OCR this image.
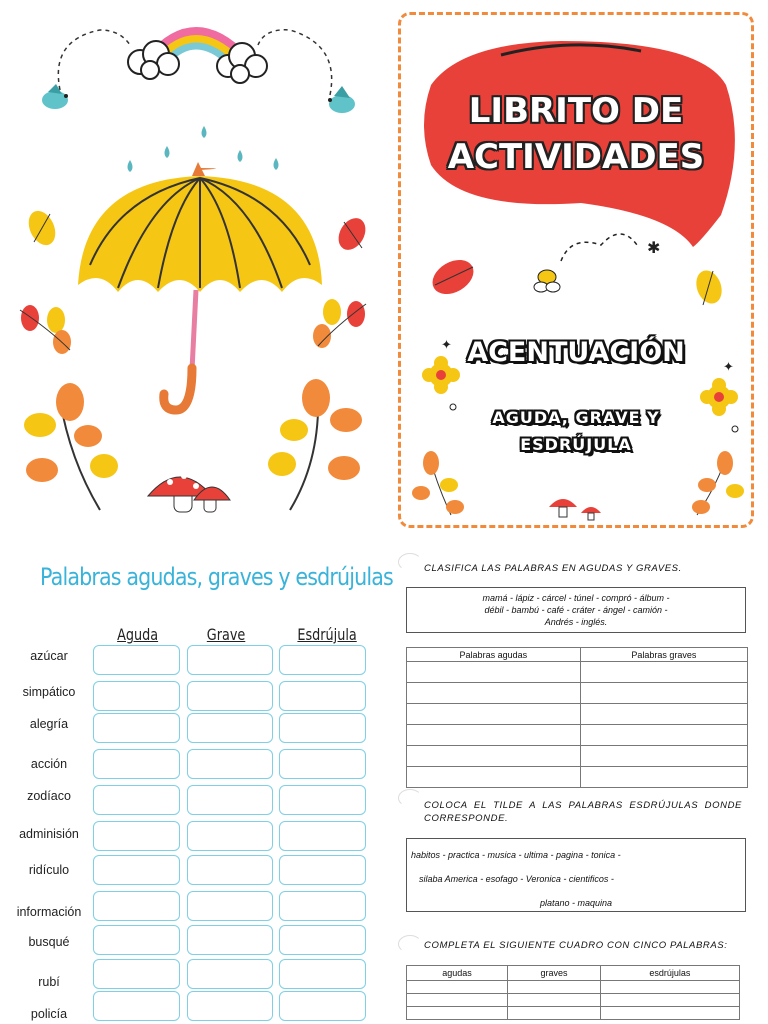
✱
✦
✦
LIBRITO DE
ACTIVIDADES
ACENTUACIÓN
AGUDA, GRAVE Y
ESDRÚJULA
Palabras agudas, graves y esdrújulas
Aguda	Grave	Esdrújula
azúcar
simpático
alegría
acción
zodíaco
adminisión
ridículo
información
busqué
rubí
policía
CLASIFICA LAS PALABRAS EN AGUDAS Y GRAVES.
mamá - lápiz - cárcel - túnel - compró - álbum -
débil - bambú - café - cráter - ángel - camión -
Andrés - inglés.
Palabras agudas	Palabras graves

COLOCA EL TILDE A LAS PALABRAS ESDRÚJULAS DONDE CORRESPONDE.
habitos - practica - musica - ultima - pagina - tonica -
silaba America - esofago - Veronica - cientificos -
platano - maquina
COMPLETA EL SIGUIENTE CUADRO CON CINCO PALABRAS:
agudas	graves	esdrújulas
